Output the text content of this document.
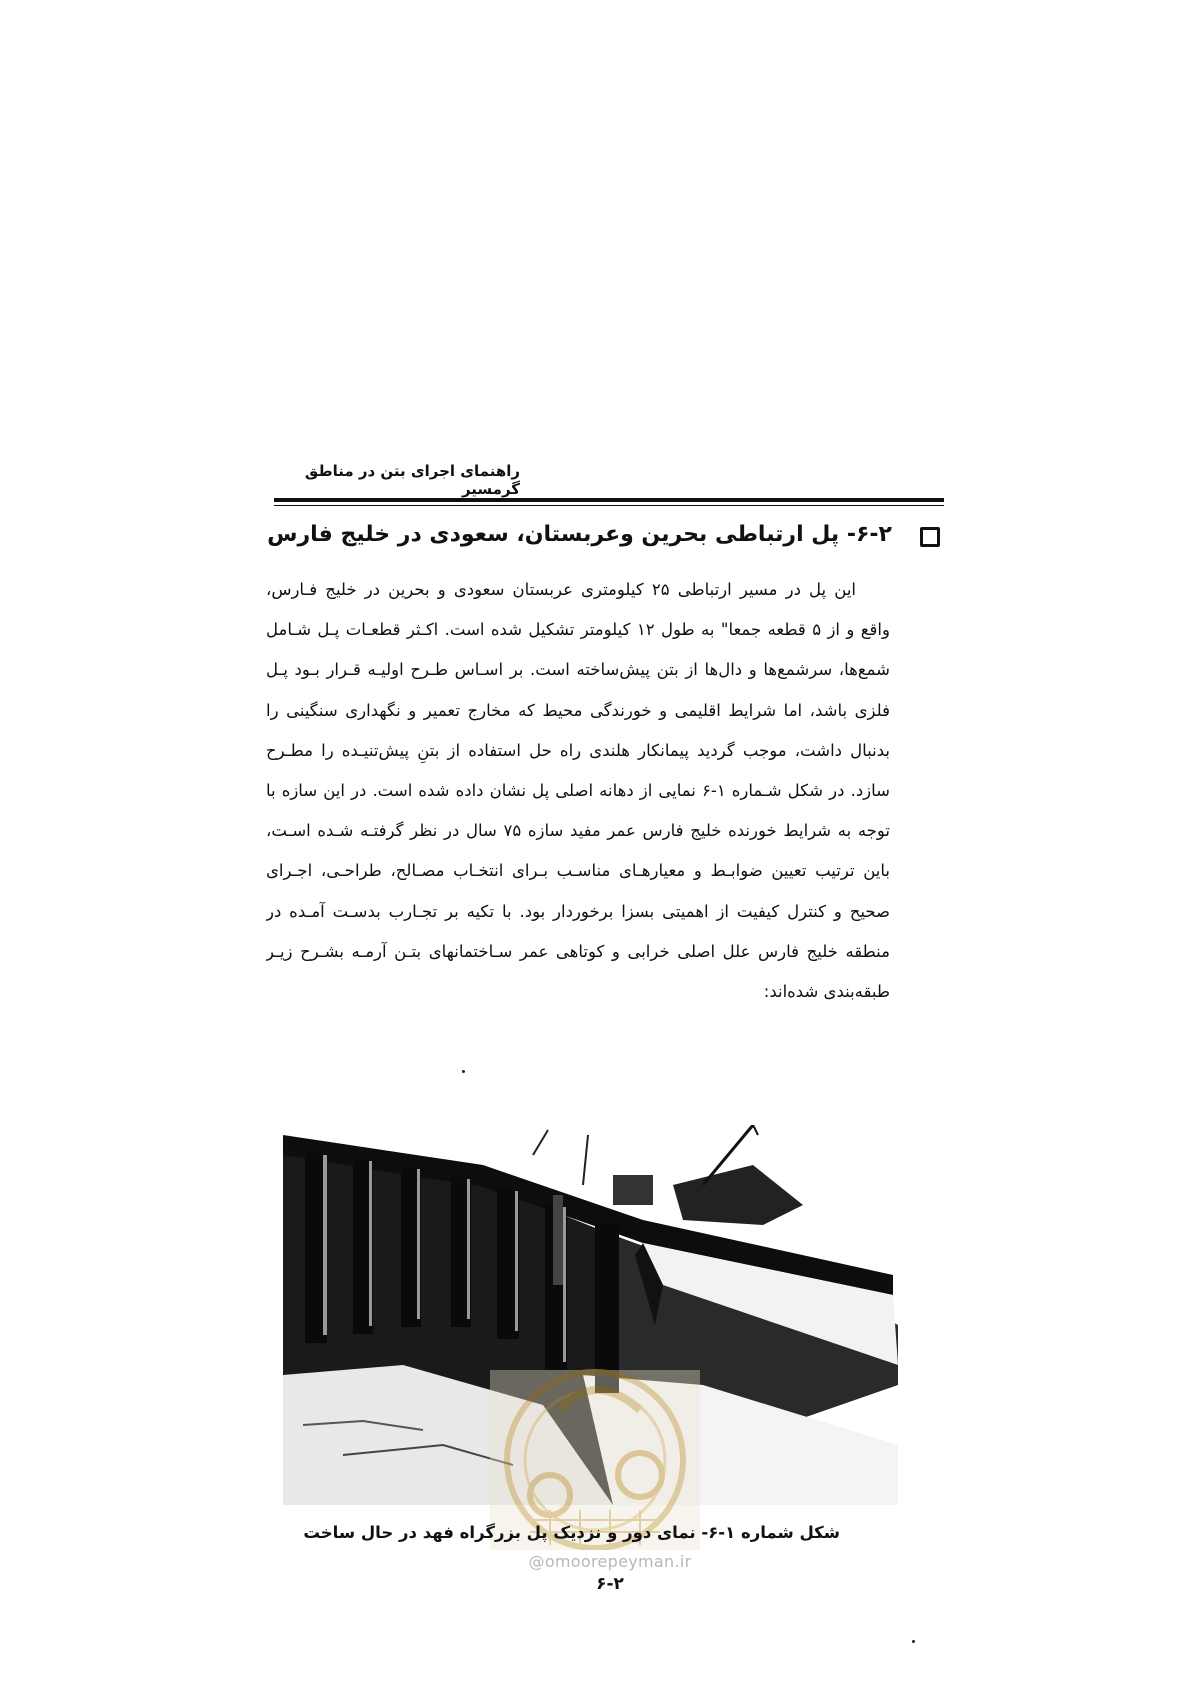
راهنمای اجرای بتن در مناطق گرمسیر
۶-۲- پل ارتباطی بحرین وعربستان، سعودی در خلیج فارس
این پل در مسیر ارتباطی ۲۵ کیلومتری عربستان سعودی و بحرین در خلیج فـارس،
واقع و از ۵ قطعه جمعا" به طول ۱۲ کیلومتر تشکیل شده است. اکـثر قطعـات پـل شـامل
شمع‌ها، سرشمع‌ها و دال‌ها از بتن پیش‌ساخته است. بر اسـاس طـرح اولیـه قـرار بـود پـل
فلزی باشد، اما شرایط اقلیمی و خورندگی محیط که مخارج تعمیر و نگهداری سنگینی را
بدنبال داشت، موجب گردید پیمانکار هلندی راه حل استفاده از بتنِ پیش‌تنیـده را مطـرح
سازد. در شکل شـماره ۱-۶ نمایی از دهانه اصلی پل نشان داده شده است. در این سازه با
توجه به شرایط خورنده خلیج فارس عمر مفید سازه ۷۵ سال در نظر گرفتـه شـده اسـت،
باین ترتیب تعیین ضوابـط و معیارهـای مناسـب بـرای انتخـاب مصـالح، طراحـی، اجـرای
صحیح و کنترل کیفیت از اهمیتی بسزا برخوردار بود. با تکیه بر تجـارب بدسـت آمـده در
منطقه خلیج فارس علل اصلی خرابی و کوتاهی عمر سـاختمانهای بتـن آرمـه بشـرح زیـر
طبقه‌بندی شده‌اند:
شکل شماره ۱-۶- نمای دور و نزدیک پل بزرگراه فهد در حال ساخت
@omoorepeyman.ir
۶-۲
